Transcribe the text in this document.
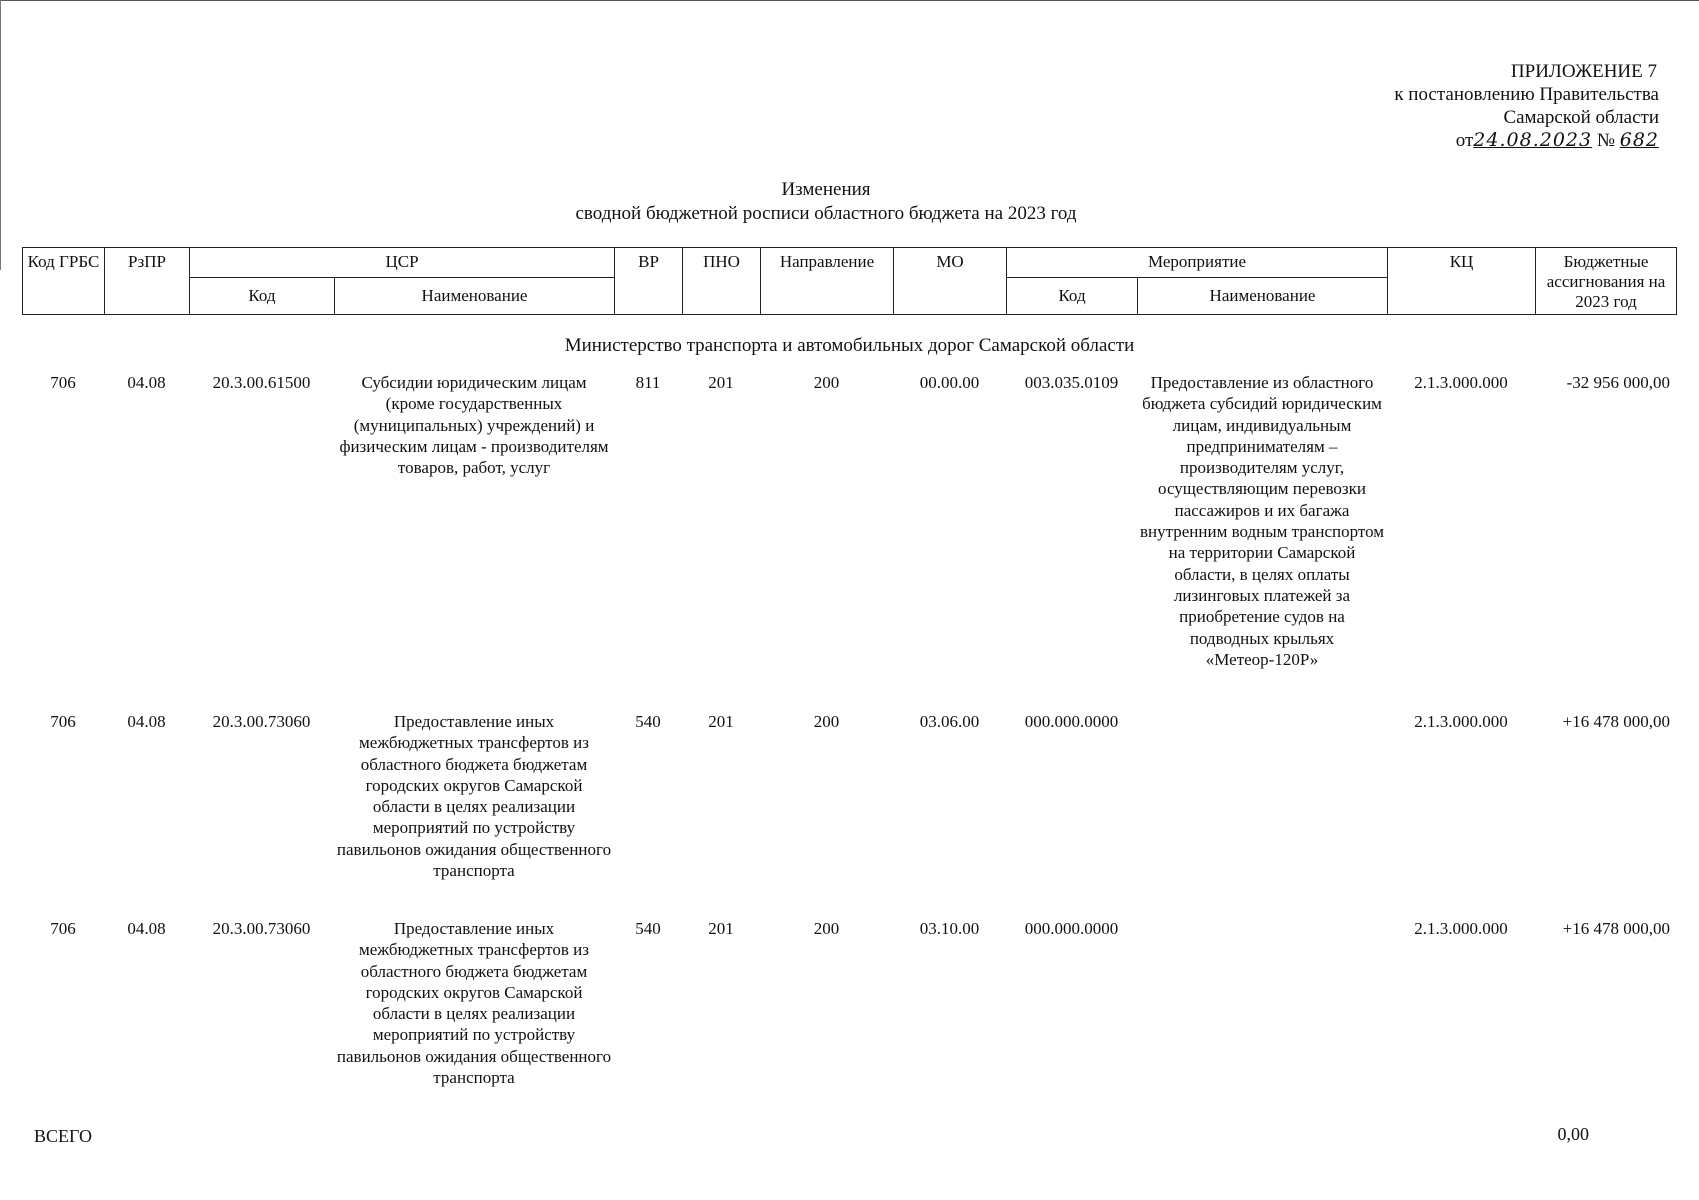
ПРИЛОЖЕНИЕ 7
к постановлению Правительства
Самарской области
от24.08.2023 № 682
Изменения
сводной бюджетной росписи областного бюджета на 2023 год
Код ГРБС	РзПР	ЦСР		ВР	ПНО	Направление	МО	Мероприятие		КЦ	Бюджетные ассигнования на 2023 год
		Код	Наименование					Код	Наименование		
Министерство транспорта и автомобильных дорог Самарской области
706	04.08	20.3.00.61500	Субсидии юридическим лицам (кроме государственных (муниципальных) учреждений) и физическим лицам - производителям товаров, работ, услуг	811	201	200	00.00.00	003.035.0109	Предоставление из областного бюджета субсидий юридическим лицам, индивидуальным предпринимателям – производителям услуг, осуществляющим перевозки пассажиров и их багажа внутренним водным транспортом на территории Самарской области, в целях оплаты лизинговых платежей за приобретение судов на подводных крыльях «Метеор-120Р»	2.1.3.000.000	-32 956 000,00
706	04.08	20.3.00.73060	Предоставление иных межбюджетных трансфертов из областного бюджета бюджетам городских округов Самарской области в целях реализации мероприятий по устройству павильонов ожидания общественного транспорта	540	201	200	03.06.00	000.000.0000		2.1.3.000.000	+16 478 000,00
706	04.08	20.3.00.73060	Предоставление иных межбюджетных трансфертов из областного бюджета бюджетам городских округов Самарской области в целях реализации мероприятий по устройству павильонов ожидания общественного транспорта	540	201	200	03.10.00	000.000.0000		2.1.3.000.000	+16 478 000,00
ВСЕГО	0,00
